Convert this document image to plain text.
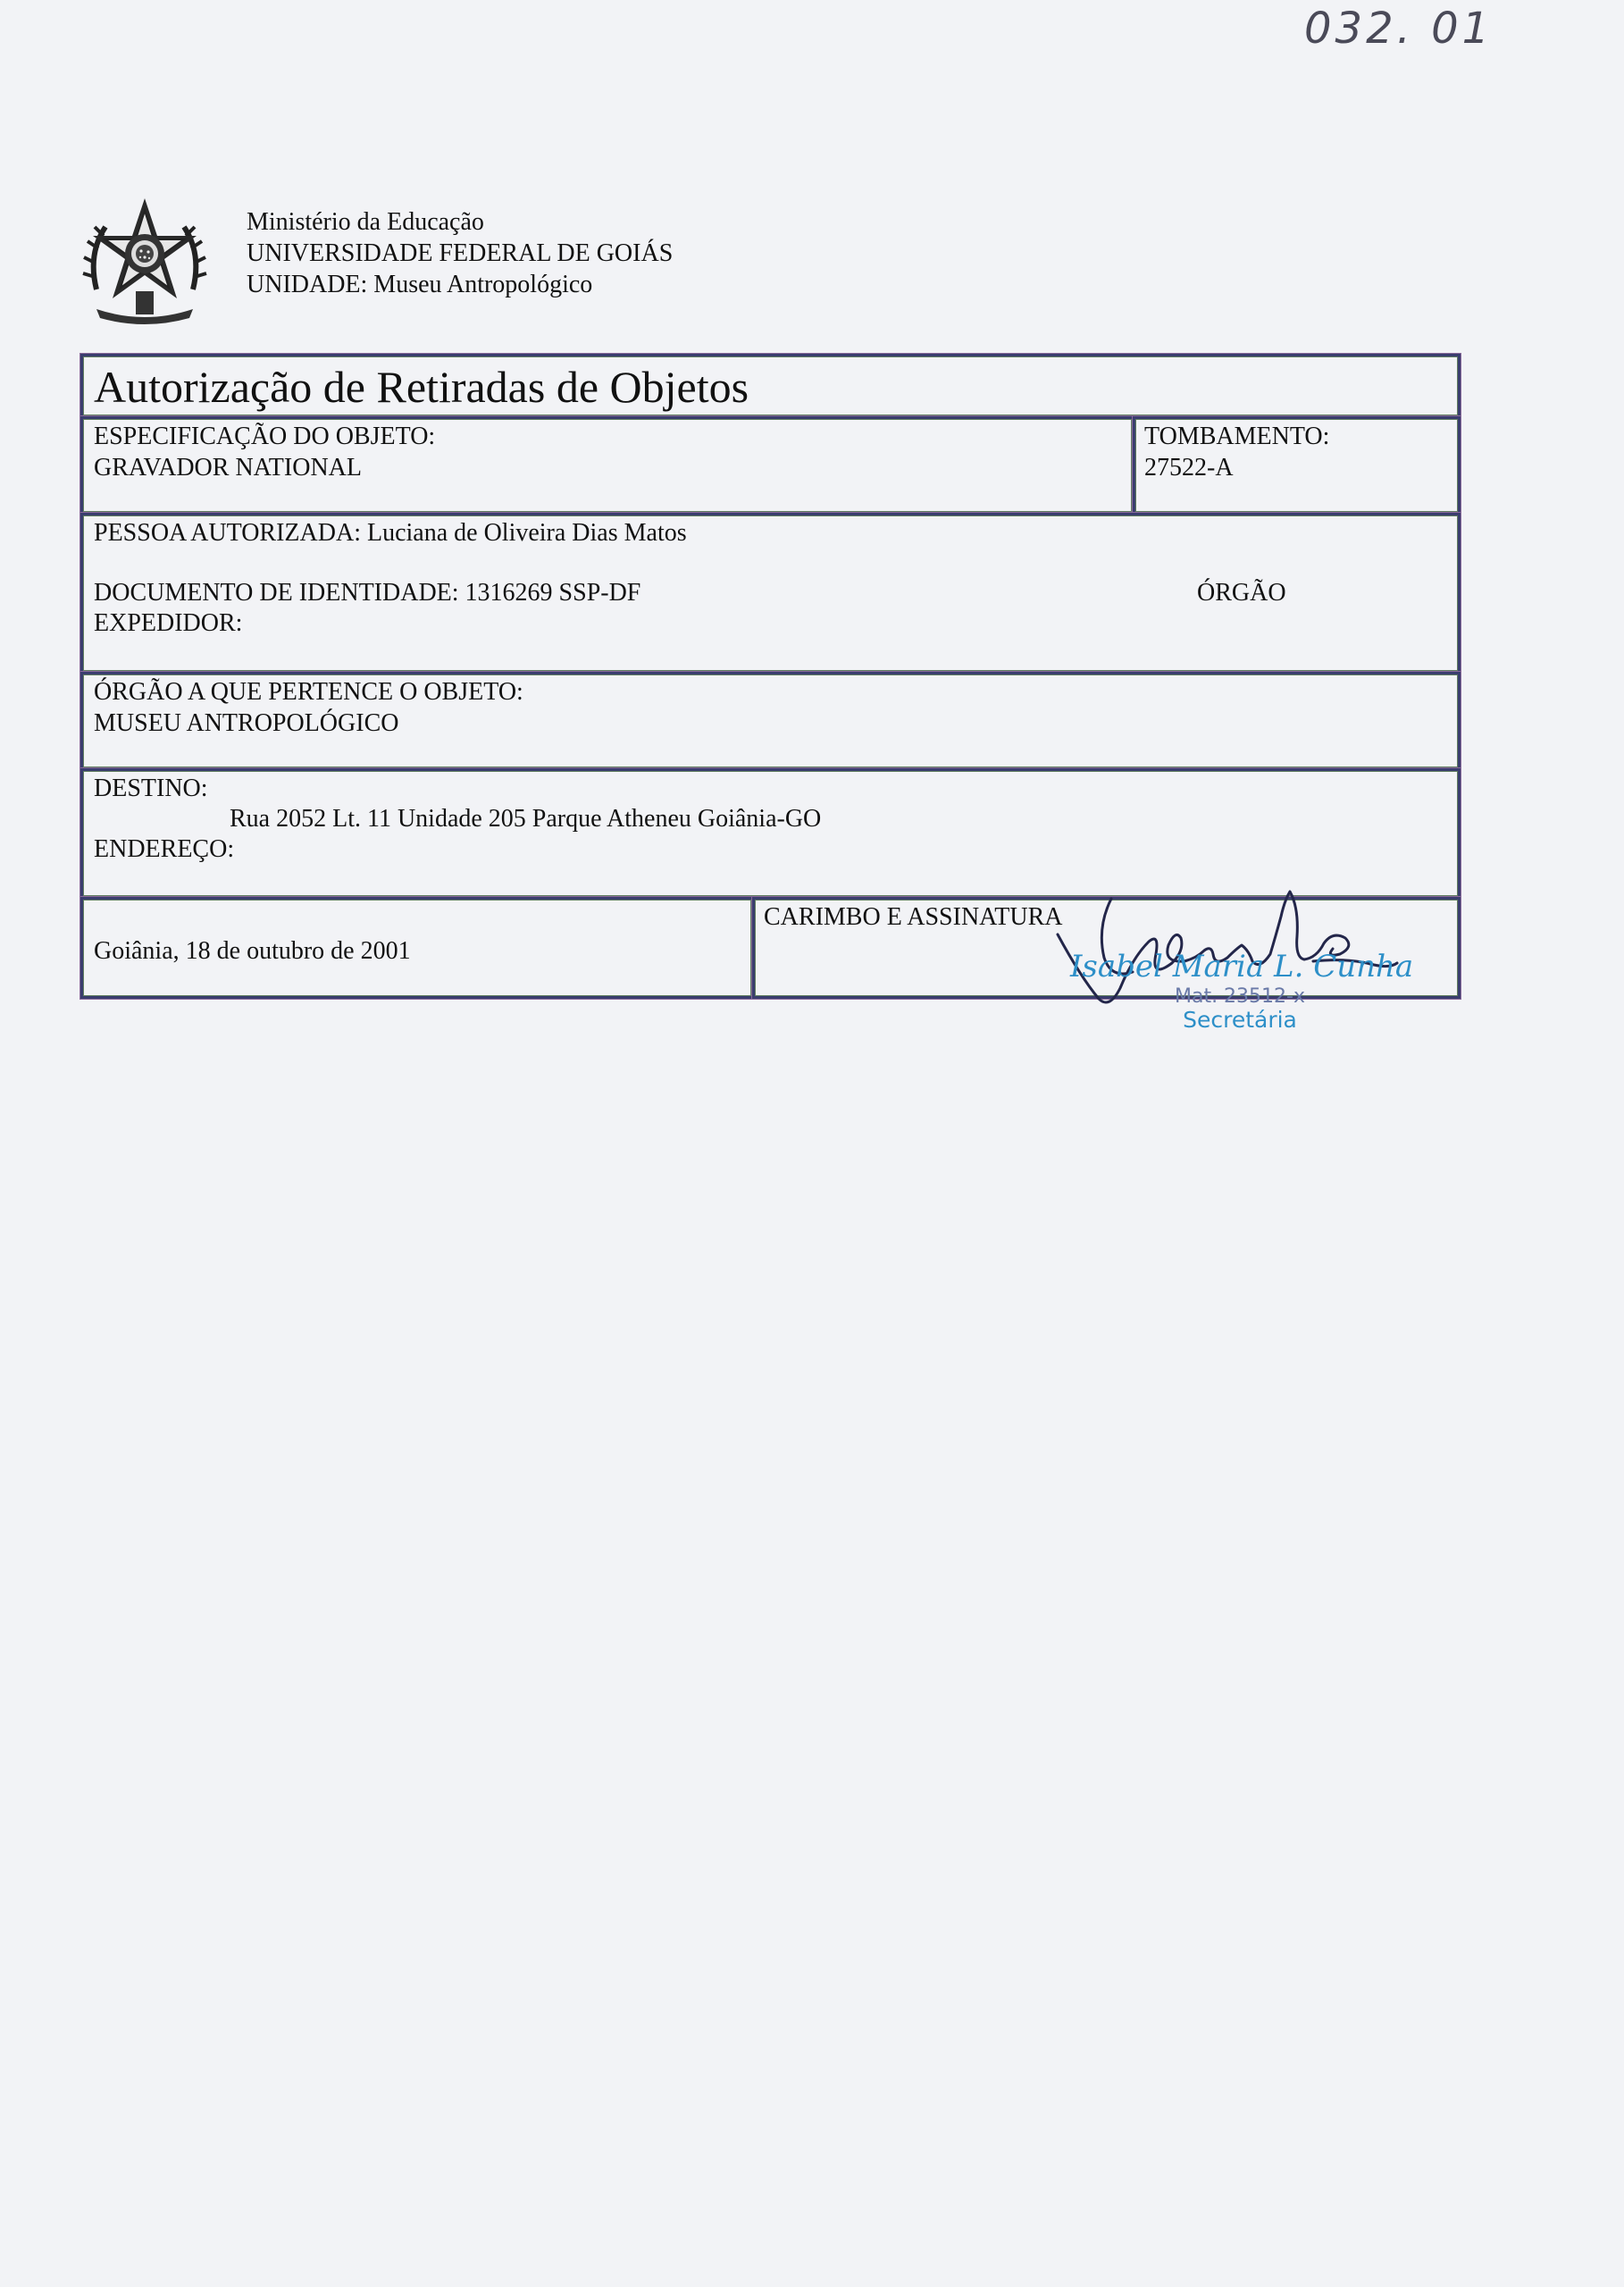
032. 01
Ministério da Educação
UNIVERSIDADE FEDERAL DE GOIÁS
UNIDADE: Museu Antropológico
Autorização de Retiradas de Objetos
ESPECIFICAÇÃO DO OBJETO:
GRAVADOR NATIONAL
TOMBAMENTO:
27522-A
PESSOA AUTORIZADA: Luciana de Oliveira Dias Matos
DOCUMENTO DE IDENTIDADE: 1316269 SSP-DF	ÓRGÃO
EXPEDIDOR:
ÓRGÃO A QUE PERTENCE O OBJETO:
MUSEU ANTROPOLÓGICO
DESTINO:
Rua 2052 Lt. 11 Unidade 205 Parque Atheneu Goiânia-GO
ENDEREÇO:
Goiânia, 18 de outubro de 2001
CARIMBO E ASSINATURA
Isabel Maria L. Cunha
Mat. 23512-x
Secretária
